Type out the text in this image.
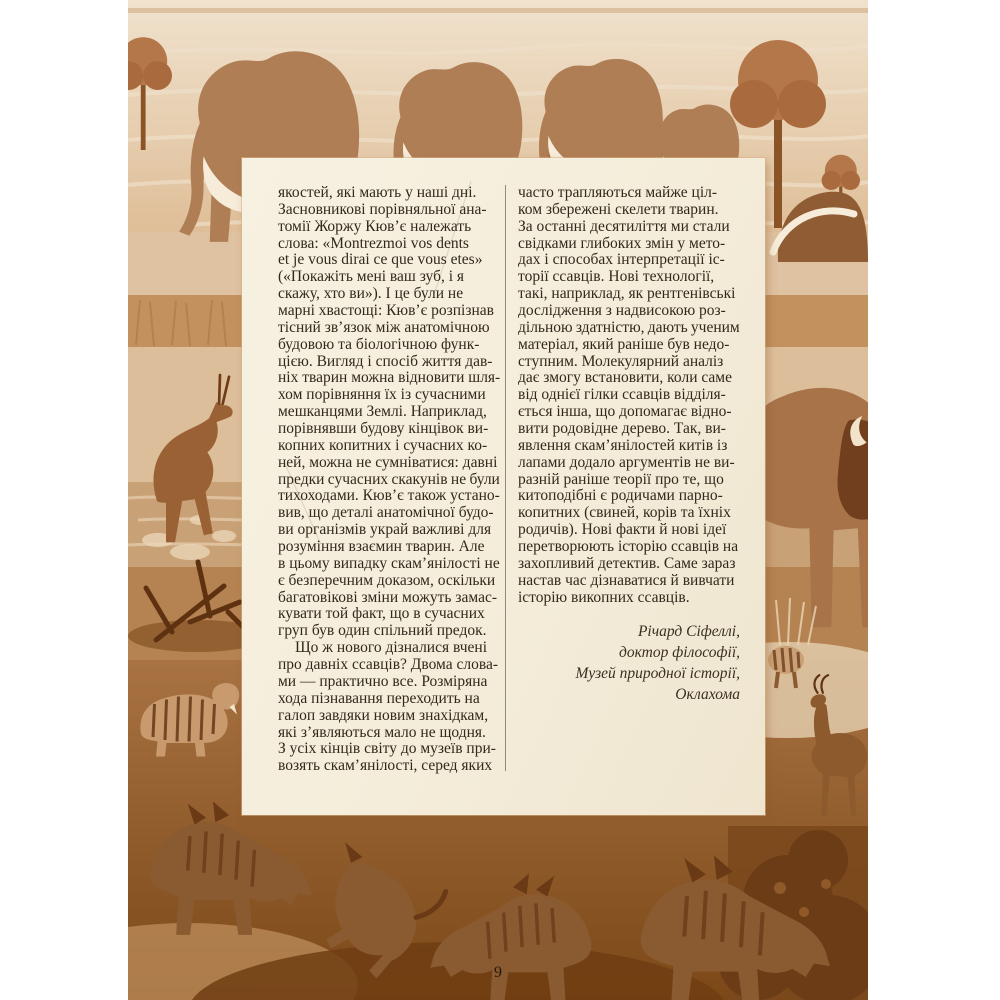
якостей, які мають у наші дні.
Засновникові порівняльної ана-
томії Жоржу Кюв’є належать
слова: «Montrezmoi vos dents
et je vous dirai ce que vous etes»
(«Покажіть мені ваш зуб, і я
скажу, хто ви»). І це були не
марні хвастощі: Кюв’є розпізнав
тісний зв’язок між анатомічною
будовою та біологічною функ-
цією. Вигляд і спосіб життя дав-
ніх тварин можна відновити шля-
хом порівняння їх із сучасними
мешканцями Землі. Наприклад,
порівнявши будову кінцівок ви-
копних копитних і сучасних ко-
ней, можна не сумніватися: давні
предки сучасних скакунів не були
тихоходами. Кюв’є також устано-
вив, що деталі анатомічної будо-
ви організмів украй важливі для
розуміння взаємин тварин. Але
в цьому випадку скам’янілості не
є безперечним доказом, оскільки
багатовікові зміни можуть замас-
кувати той факт, що в сучасних
груп був один спільний предок.
Що ж нового дізналися вчені
про давніх ссавців? Двома слова-
ми — практично все. Розміряна
хода пізнавання переходить на
галоп завдяки новим знахідкам,
які з’являються мало не щодня.
З усіх кінців світу до музеїв при-
возять скам’янілості, серед яких
часто трапляються майже ціл-
ком збережені скелети тварин.
За останні десятиліття ми стали
свідками глибоких змін у мето-
дах і способах інтерпретації іс-
торії ссавців. Нові технології,
такі, наприклад, як рентгенівські
дослідження з надвисокою роз-
дільною здатністю, дають ученим
матеріал, який раніше був недо-
ступним. Молекулярний аналіз
дає змогу встановити, коли саме
від однієї гілки ссавців відділя-
ється інша, що допомагає відно-
вити родовідне дерево. Так, ви-
явлення скам’янілостей китів із
лапами додало аргументів не ви-
разній раніше теорії про те, що
китоподібні є родичами парно-
копитних (свиней, корів та їхніх
родичів). Нові факти й нові ідеї
перетворюють історію ссавців на
захопливий детектив. Саме зараз
настав час дізнаватися й вивчати
історію викопних ссавців.
Річард Сіфеллі,
доктор філософії,
Музей природної історії,
Оклахома
9
